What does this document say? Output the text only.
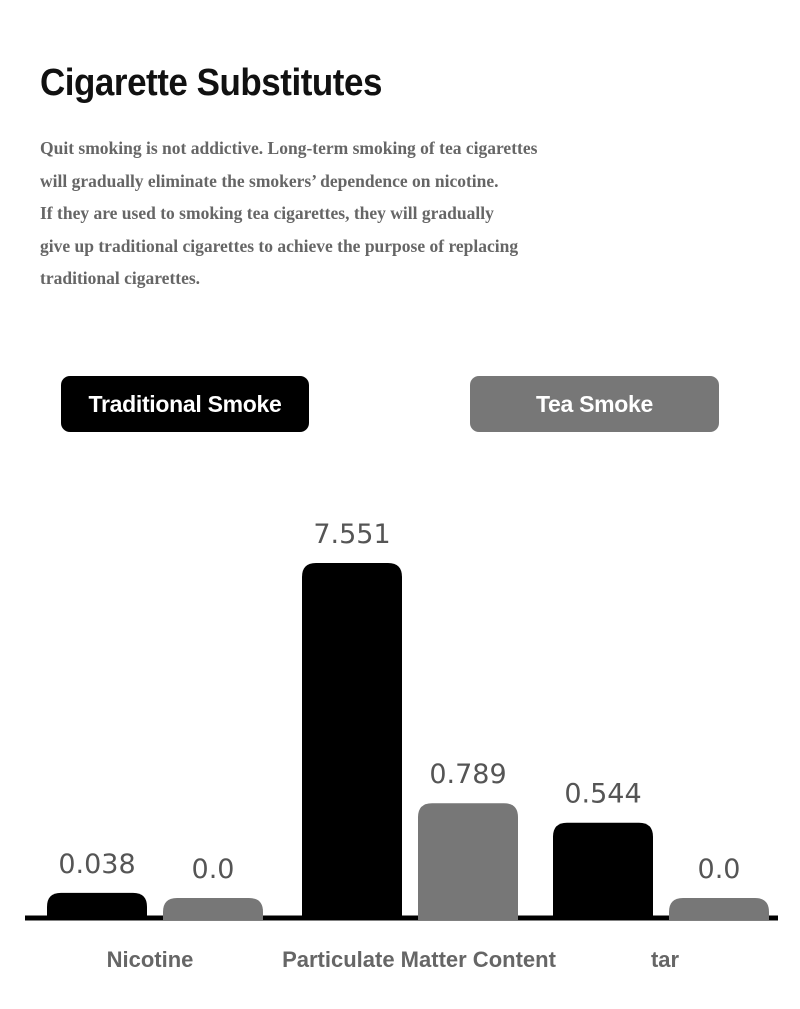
Cigarette Substitutes

Quit smoking is not addictive. Long-term smoking of tea cigarettes

will gradually eliminate the smokers’ dependence on nicotine.

If they are used to smoking tea cigarettes, they will gradually

give up traditional cigarettes to achieve the purpose of replacing

traditional cigarettes.

Traditional Smoke	Tea Smoke
0.038
7.551
0.544
0.0
0.789
0.0
Nicotine	Particulate Matter Content	tar
